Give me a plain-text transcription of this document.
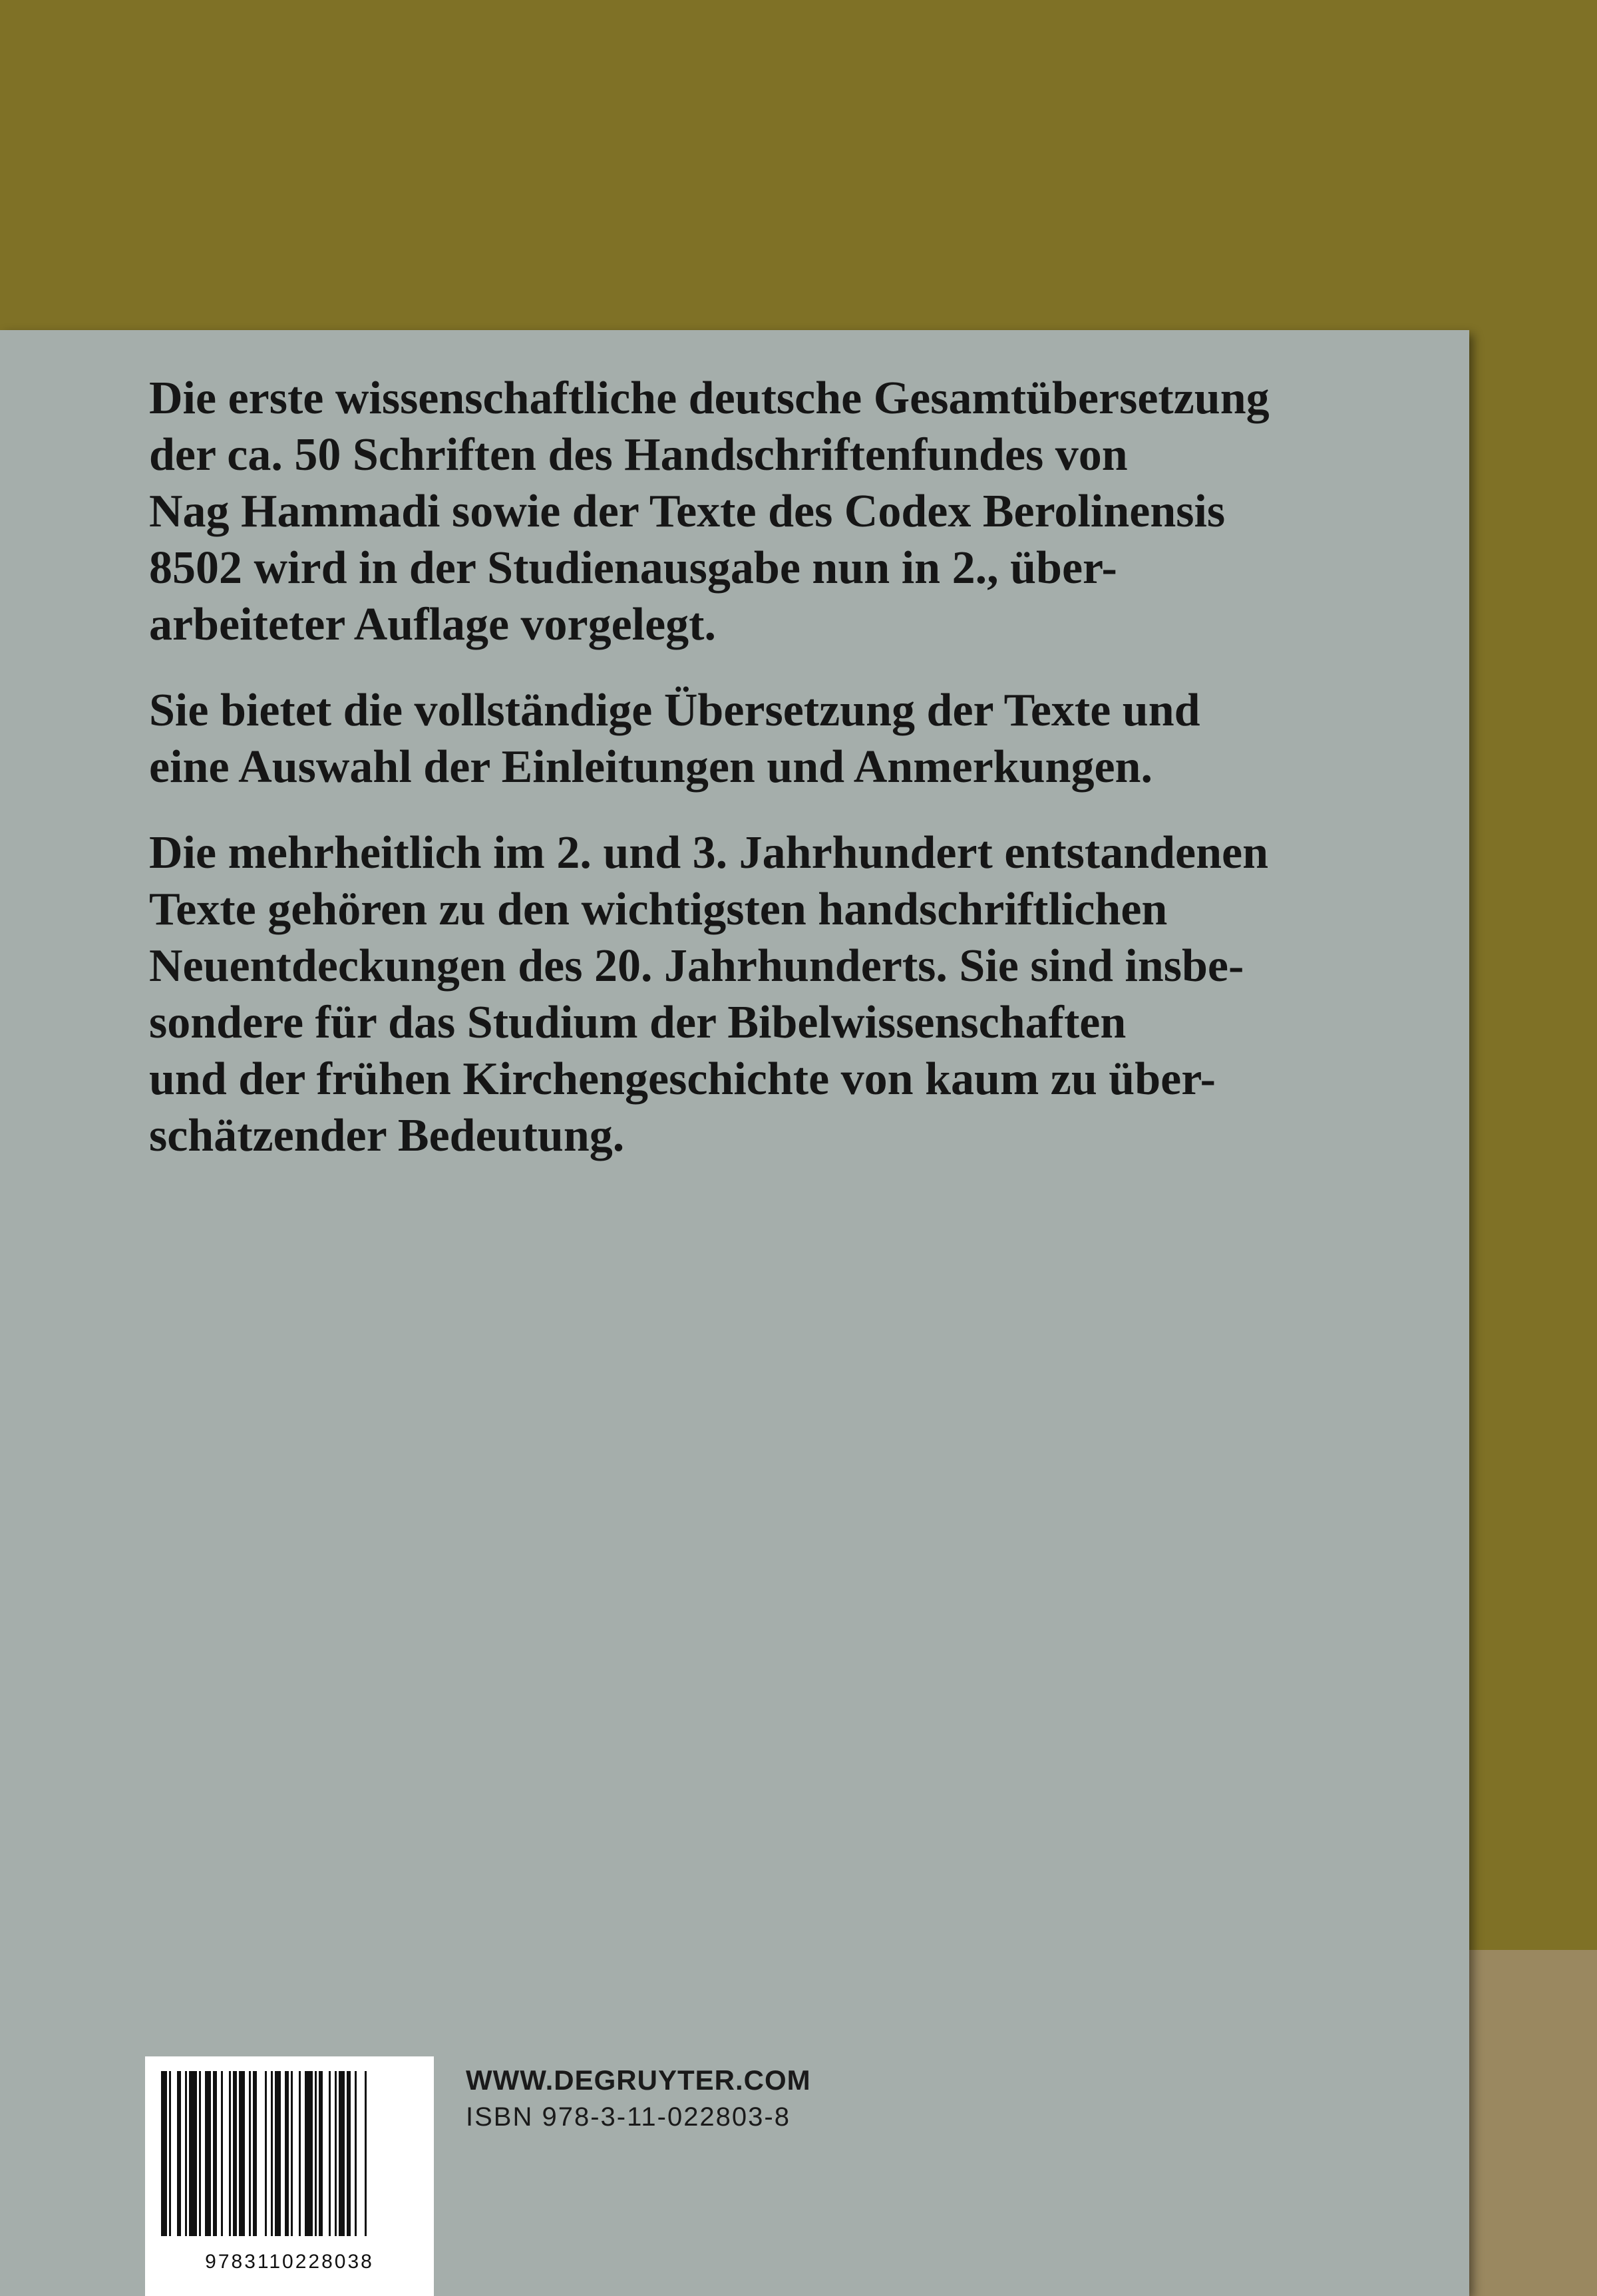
Die erste wissenschaftliche deutsche Gesamtübersetzung
der ca. 50 Schriften des Handschriftenfundes von
Nag Hammadi sowie der Texte des Codex Berolinensis
8502 wird in der Studienausgabe nun in 2., über-
arbeiteter Auflage vorgelegt.

Sie bietet die vollständige Übersetzung der Texte und
eine Auswahl der Einleitungen und Anmerkungen.

Die mehrheitlich im 2. und 3. Jahrhundert entstandenen
Texte gehören zu den wichtigsten handschriftlichen
Neuentdeckungen des 20. Jahrhunderts. Sie sind insbe-
sondere für das Studium der Bibelwissenschaften
und der frühen Kirchengeschichte von kaum zu über-
schätzender Bedeutung.

9783110228038
WWW.DEGRUYTER.COM
ISBN 978-3-11-022803-8
